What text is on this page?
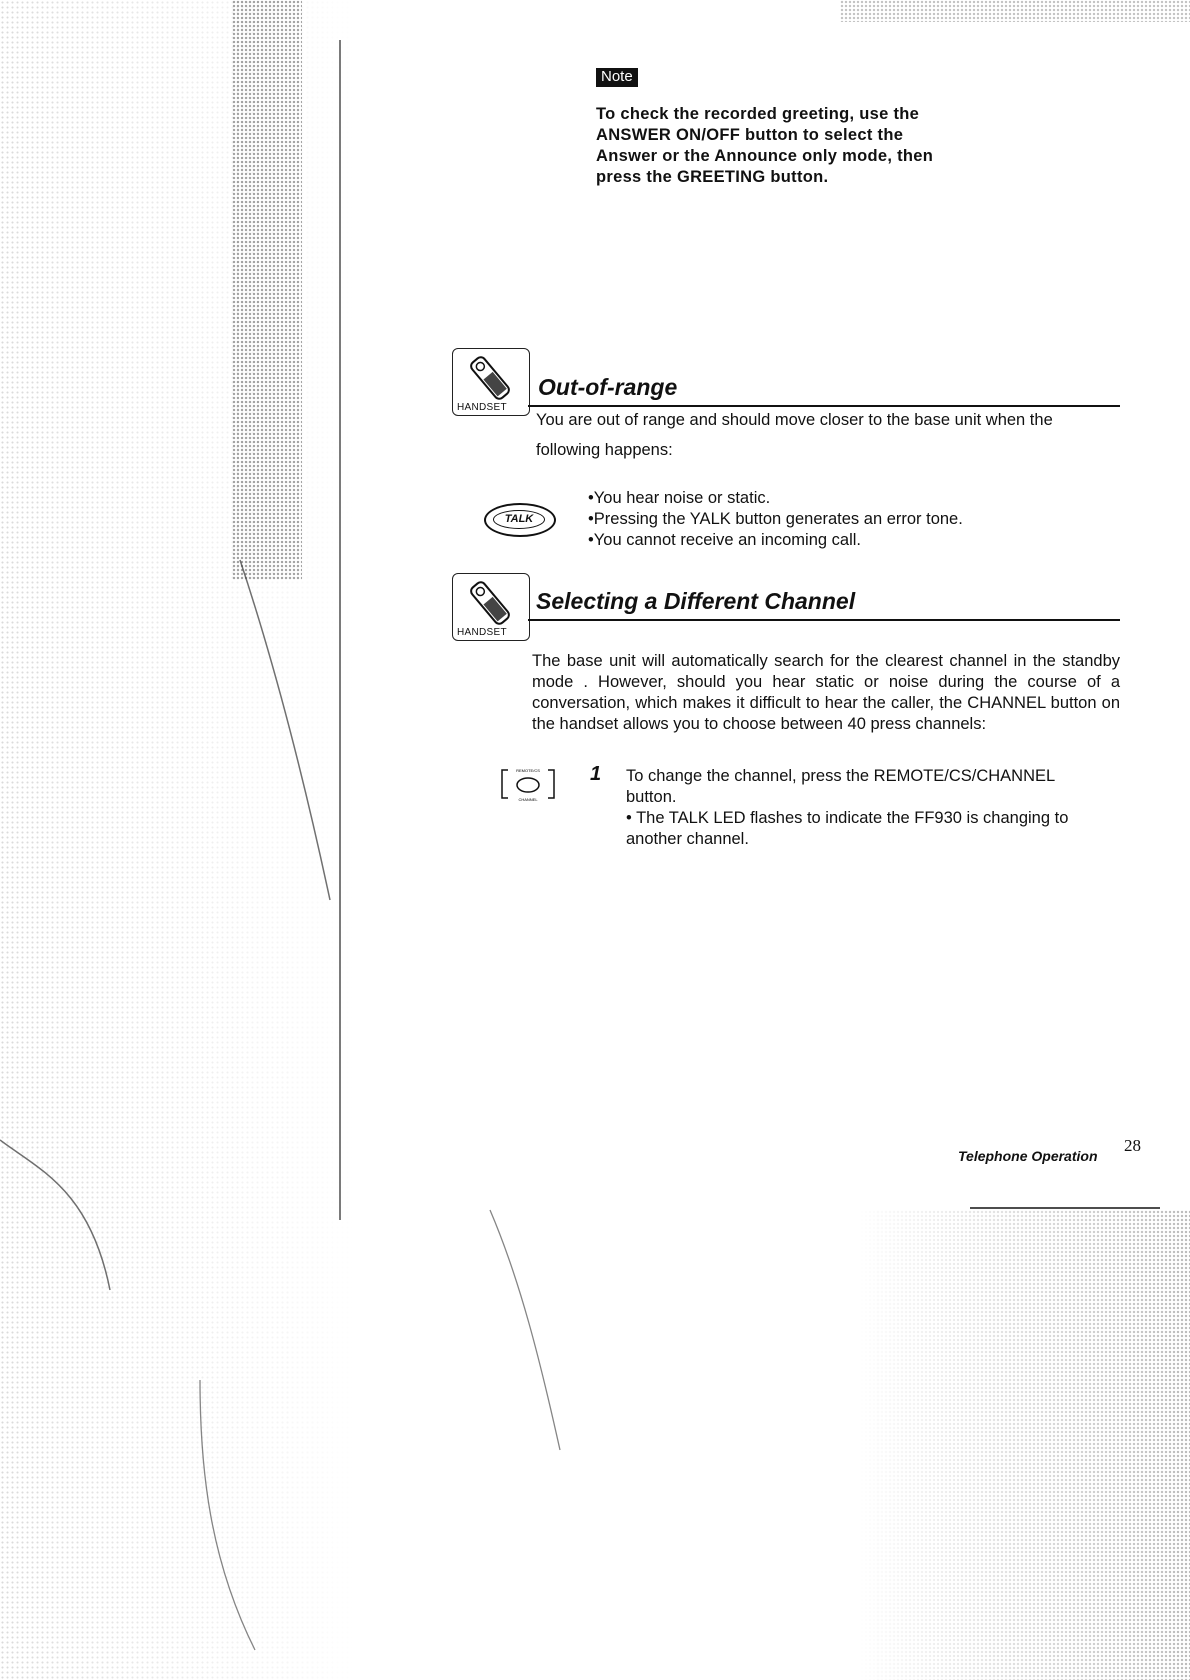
Note
To check the recorded greeting, use the ANSWER ON/OFF button to select the Answer or the Announce only mode, then press the GREETING button.
HANDSET
Out-of-range
You are out of range and should move closer to the base unit when the
following happens:
TALK
•You hear noise or static.
•Pressing the YALK button generates an error tone.
•You cannot receive an incoming call.
HANDSET
Selecting a Different Channel
The base unit will automatically search for the clearest channel in the standby mode . However, should you hear static or noise during the course of a conversation, which makes it difficult to hear the caller, the CHANNEL button on the handset allows you to choose between 40 press channels:
REMOTE/CS
CHANNEL
1 To change the channel, press the REMOTE/CS/CHANNEL
button.
• The TALK LED flashes to indicate the FF930 is changing to
another channel.
Telephone Operation
28
